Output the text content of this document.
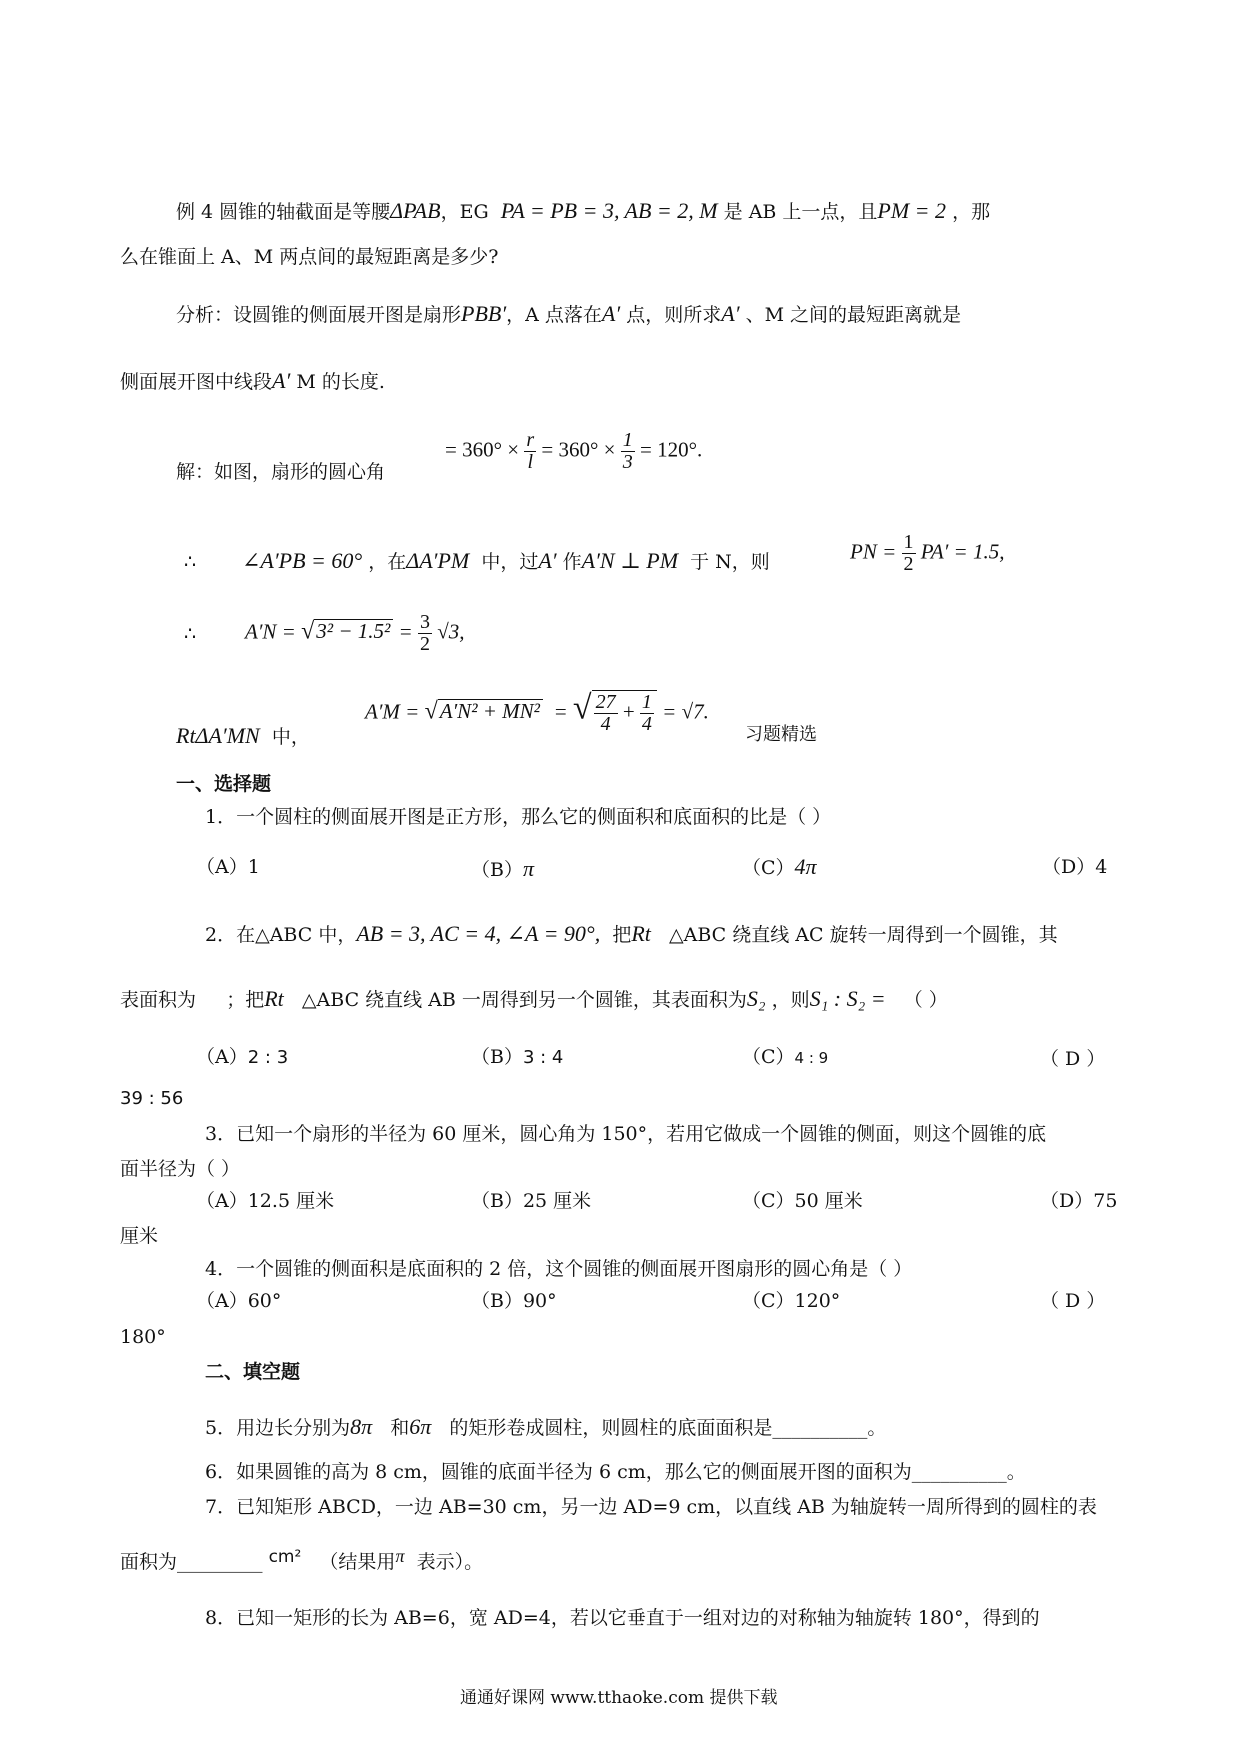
例 4 圆锥的轴截面是等腰ΔPAB，EG PA = PB = 3, AB = 2, M 是 AB 上一点，且PM = 2 ，那
么在锥面上 A、M 两点间的最短距离是多少?
分析：设圆锥的侧面展开图是扇形PBB′，A 点落在A′ 点，则所求A′ 、M 之间的最短距离就是
侧面展开图中线段A′ M 的长度.
= $360^\circ \times \frac{r}{l} = 360^\circ \times \frac{1}{3} = 120^\circ$.
解：如图，扇形的圆心角
∴ ∠A′PB = 60° ，在ΔA′PM 中，过A′ 作A′N ⊥ PM 于 N，则	PN = $\frac{1}{2} PA' = 1.5$,
∴ $A'N = √3^2 - 1.5^2 = \frac{3}{2} √3$,
RtΔA′MN 中，
A′M = √A′N² + MN² = √ $\frac{27}{4} + \frac{1}{4} = √7$.
习题精选
一、选择题
1．一个圆柱的侧面展开图是正方形，那么它的侧面积和底面积的比是（ ）
（A）1	（B）π	（C）4π	（D）4
2．在△ABC 中，AB = 3, AC = 4, ∠A = 90°, 把Rt △ABC 绕直线 AC 旋转一周得到一个圆锥，其
表面积为 ；把Rt △ABC 绕直线 AB 一周得到另一个圆锥，其表面积为S₂ ，则S₁ : S₂ = （ ）
（A）2 : 3	（B）3 : 4	（C）4 : 9	（ D ）
39 : 56
3．已知一个扇形的半径为 60 厘米，圆心角为 150°，若用它做成一个圆锥的侧面，则这个圆锥的底
面半径为（ ）
（A）12.5 厘米	（B）25 厘米	（C）50 厘米	（D）75
厘米
4．一个圆锥的侧面积是底面积的 2 倍，这个圆锥的侧面展开图扇形的圆心角是（ ）
（A）60°	（B）90°	（C）120°	（ D ）
180°
二、填空题
5．用边长分别为8π 和6π 的矩形卷成圆柱，则圆柱的底面面积是__________。
6．如果圆锥的高为 8 cm，圆锥的底面半径为 6 cm，那么它的侧面展开图的面积为__________。
7．已知矩形 ABCD，一边 AB=30 cm，另一边 AD=9 cm，以直线 AB 为轴旋转一周所得到的圆柱的表
面积为_________ cm² （结果用π 表示）。
8．已知一矩形的长为 AB=6，宽 AD=4，若以它垂直于一组对边的对称轴为轴旋转 180°，得到的
通通好课网 www.tthaoke.com 提供下载
